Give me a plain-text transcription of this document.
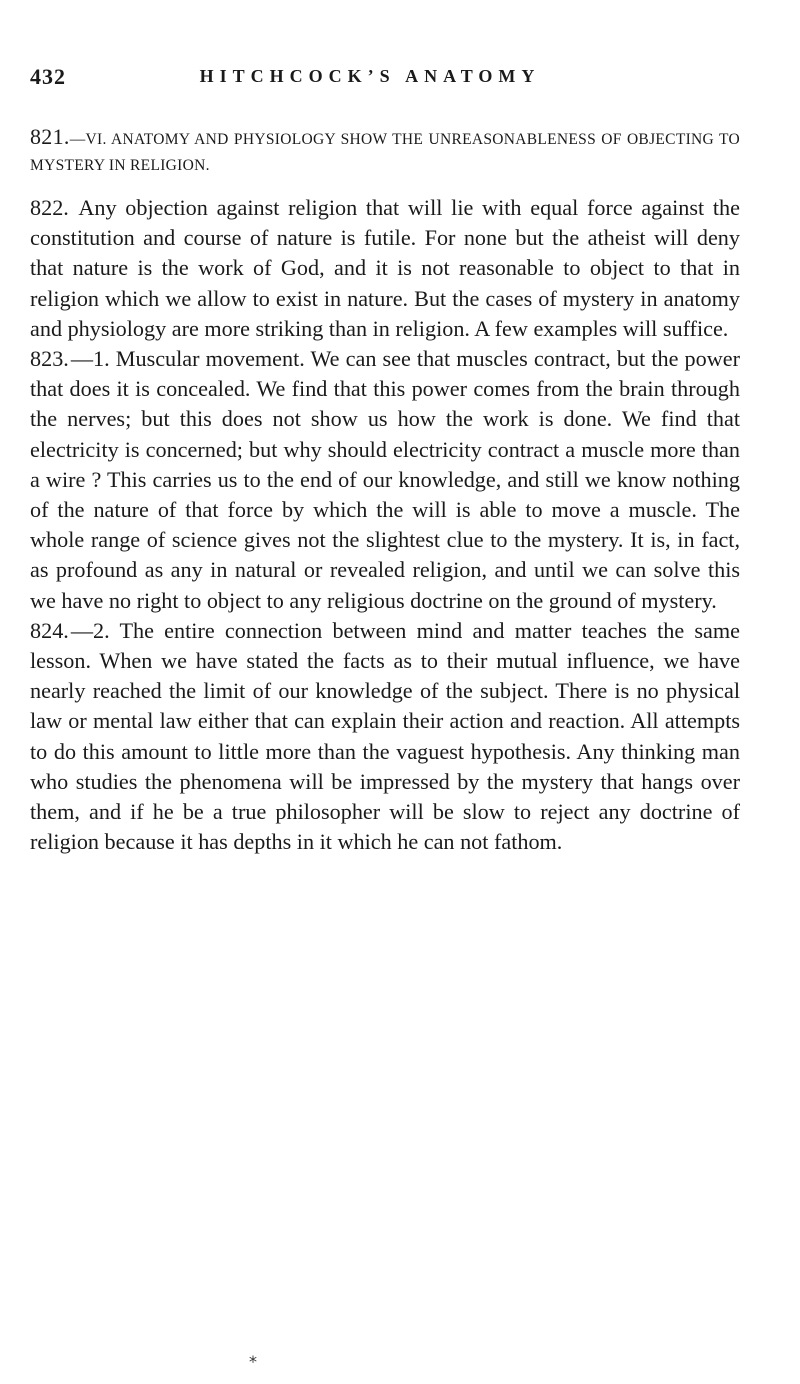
432	HITCHCOCK’S ANATOMY

821.—VI. ANATOMY AND PHYSIOLOGY SHOW THE UNREASONABLENESS OF OBJECTING TO MYSTERY IN RELIGION.

822. Any objection against religion that will lie with equal force against the constitution and course of nature is futile. For none but the atheist will deny that nature is the work of God, and it is not reasonable to object to that in religion which we allow to exist in nature. But the cases of mystery in anatomy and physiology are more striking than in religion. A few examples will suffice.

823.—1. Muscular movement. We can see that muscles contract, but the power that does it is concealed. We find that this power comes from the brain through the nerves; but this does not show us how the work is done. We find that electricity is concerned; but why should electricity contract a muscle more than a wire ? This carries us to the end of our knowledge, and still we know nothing of the nature of that force by which the will is able to move a muscle. The whole range of science gives not the slightest clue to the mystery. It is, in fact, as profound as any in natural or revealed religion, and until we can solve this we have no right to object to any religious doctrine on the ground of mystery.

824.—2. The entire connection between mind and matter teaches the same lesson. When we have stated the facts as to their mutual influence, we have nearly reached the limit of our knowledge of the subject. There is no physical law or mental law either that can explain their action and reaction. All attempts to do this amount to little more than the vaguest hypothesis. Any thinking man who studies the phenomena will be impressed by the mystery that hangs over them, and if he be a true philosopher will be slow to reject any doctrine of religion because it has depths in it which he can not fathom.

*
